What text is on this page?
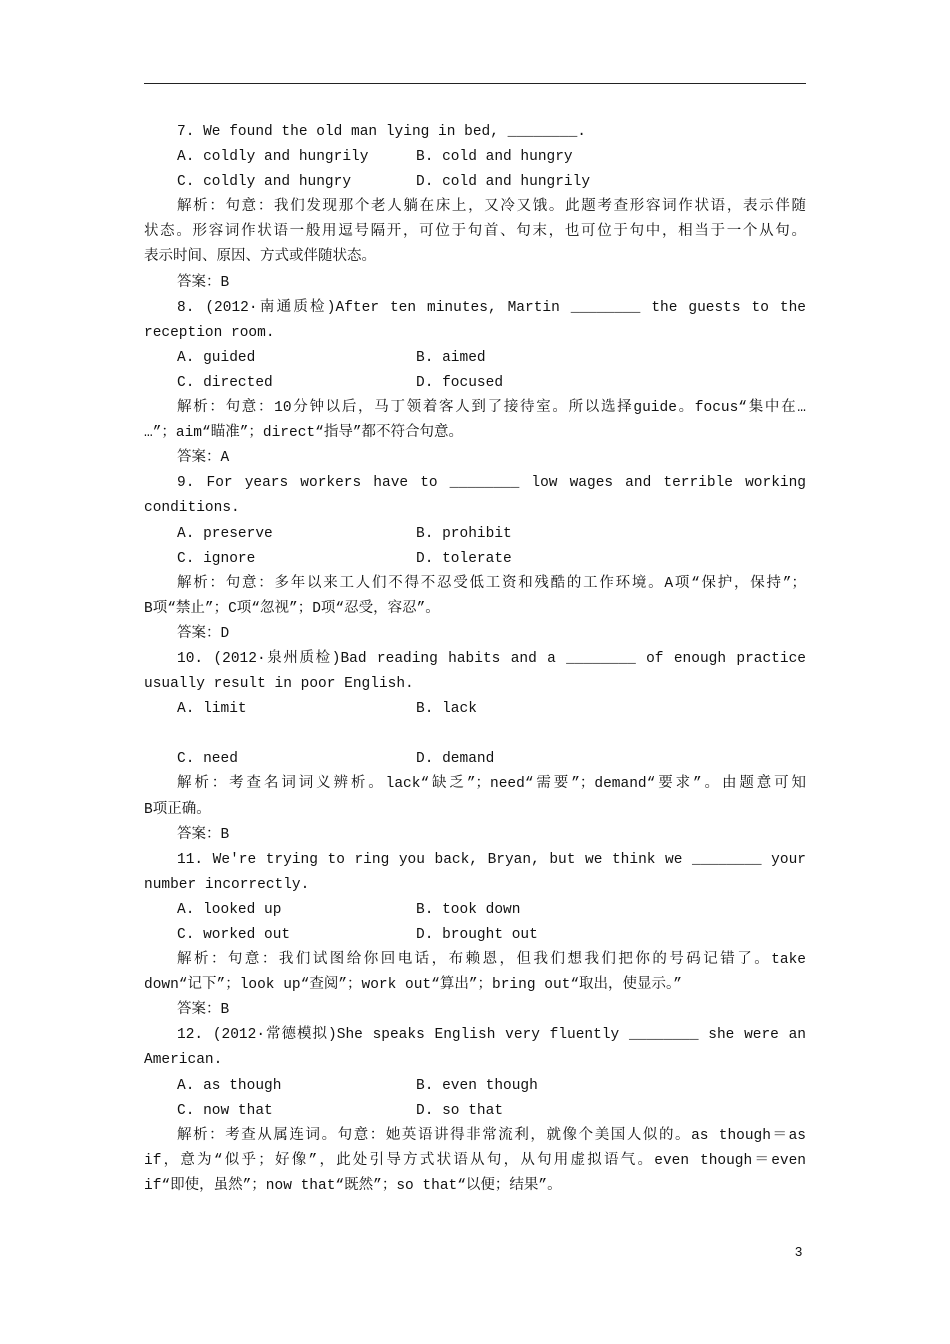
7. We found the old man lying in bed, ________.
A. coldly and hungrily	B. cold and hungry
C. coldly and hungry	D. cold and hungrily
解析：句意：我们发现那个老人躺在床上，又冷又饿。此题考查形容词作状语，表示伴随
状态。形容词作状语一般用逗号隔开，可位于句首、句末，也可位于句中，相当于一个从句。
表示时间、原因、方式或伴随状态。
答案：B
8. (2012·南通质检)After ten minutes, Martin ________ the guests to the
reception room.
A. guided	B. aimed
C. directed	D. focused
解析：句意：10分钟以后，马丁领着客人到了接待室。所以选择guide。focus“集中在…
…”；aim“瞄准”；direct“指导”都不符合句意。
答案：A
9. For years workers have to ________ low wages and terrible working
conditions.
A. preserve	B. prohibit
C. ignore	D. tolerate
解析：句意：多年以来工人们不得不忍受低工资和残酷的工作环境。A项“保护，保持”；
B项“禁止”；C项“忽视”；D项“忍受，容忍”。
答案：D
10. (2012·泉州质检)Bad reading habits and a ________ of enough practice
usually result in poor English.
A. limit	B. lack
C. need	D. demand
解析：考查名词词义辨析。lack“缺乏”；need“需要”；demand“要求”。由题意可知
B项正确。
答案：B
11. We're trying to ring you back, Bryan, but we think we ________ your
number incorrectly.
A. looked up	B. took down
C. worked out	D. brought out
解析：句意：我们试图给你回电话，布赖恩，但我们想我们把你的号码记错了。take
down“记下”；look up“查阅”；work out“算出”；bring out“取出，使显示。”
答案：B
12. (2012·常德模拟)She speaks English very fluently ________ she were an
American.
A. as though	B. even though
C. now that	D. so that
解析：考查从属连词。句意：她英语讲得非常流利，就像个美国人似的。as though＝as
if，意为“似乎；好像”，此处引导方式状语从句，从句用虚拟语气。even though＝even
if“即使，虽然”；now that“既然”；so that“以便；结果”。
3
